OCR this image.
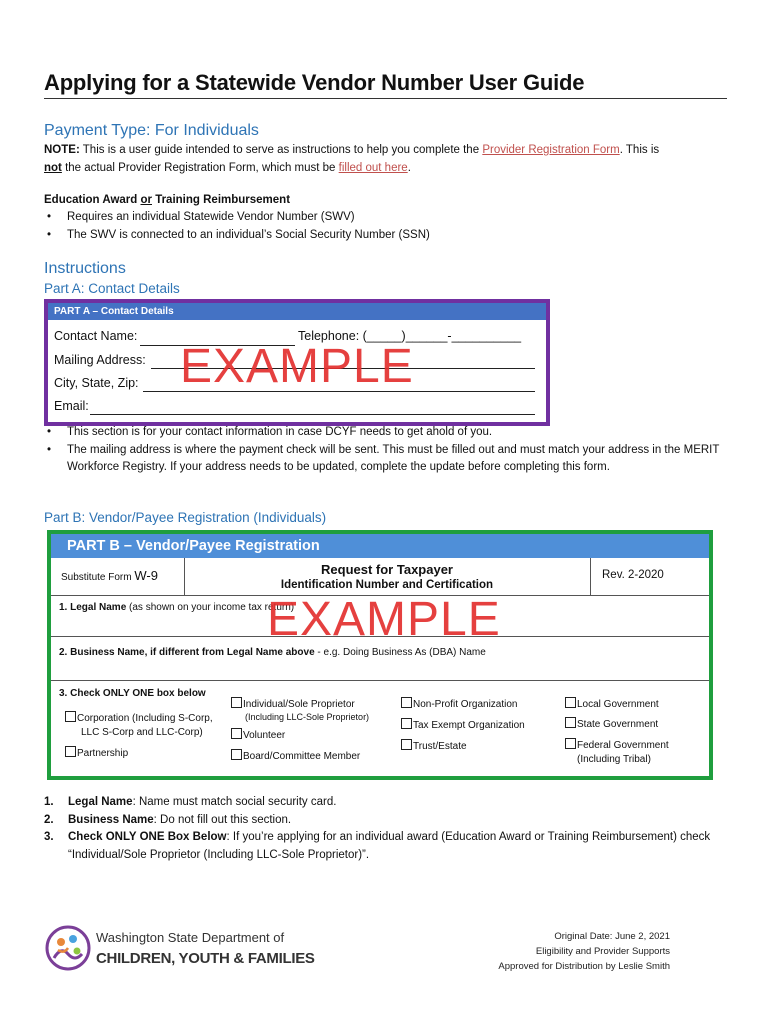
Applying for a Statewide Vendor Number User Guide
Payment Type: For Individuals
NOTE: This is a user guide intended to serve as instructions to help you complete the Provider Registration Form. This is
not the actual Provider Registration Form, which must be filled out here.
Education Award or Training Reimbursement
• Requires an individual Statewide Vendor Number (SWV)
• The SWV is connected to an individual’s Social Security Number (SSN)
Instructions
Part A: Contact Details
PART A – Contact Details
Contact Name:	Telephone: (_____)______-__________
Mailing Address:
City, State, Zip:
Email:
EXAMPLE
• This section is for your contact information in case DCYF needs to get ahold of you.
• The mailing address is where the payment check will be sent. This must be filled out and must match your address in the MERIT Workforce Registry. If your address needs to be updated, complete the update before completing this form.
Part B: Vendor/Payee Registration (Individuals)
PART B – Vendor/Payee Registration
Substitute Form W-9	Request for Taxpayer
Identification Number and Certification
Rev. 2-2020
1. Legal Name (as shown on your income tax return)
2. Business Name, if different from Legal Name above - e.g. Doing Business As (DBA) Name
3. Check ONLY ONE box below
Corporation (Including S-Corp,
LLC S-Corp and LLC-Corp)
Partnership
Individual/Sole Proprietor
(Including LLC-Sole Proprietor)
Volunteer
Board/Committee Member
Non-Profit Organization
Tax Exempt Organization
Trust/Estate
Local Government
State Government
Federal Government
(Including Tribal)
EXAMPLE
1. Legal Name: Name must match social security card.
2. Business Name: Do not fill out this section.
3. Check ONLY ONE Box Below: If you’re applying for an individual award (Education Award or Training Reimbursement) check “Individual/Sole Proprietor (Including LLC-Sole Proprietor)”.
Washington State Department of
CHILDREN, YOUTH & FAMILIES
Original Date: June 2, 2021
Eligibility and Provider Supports
Approved for Distribution by Leslie Smith
